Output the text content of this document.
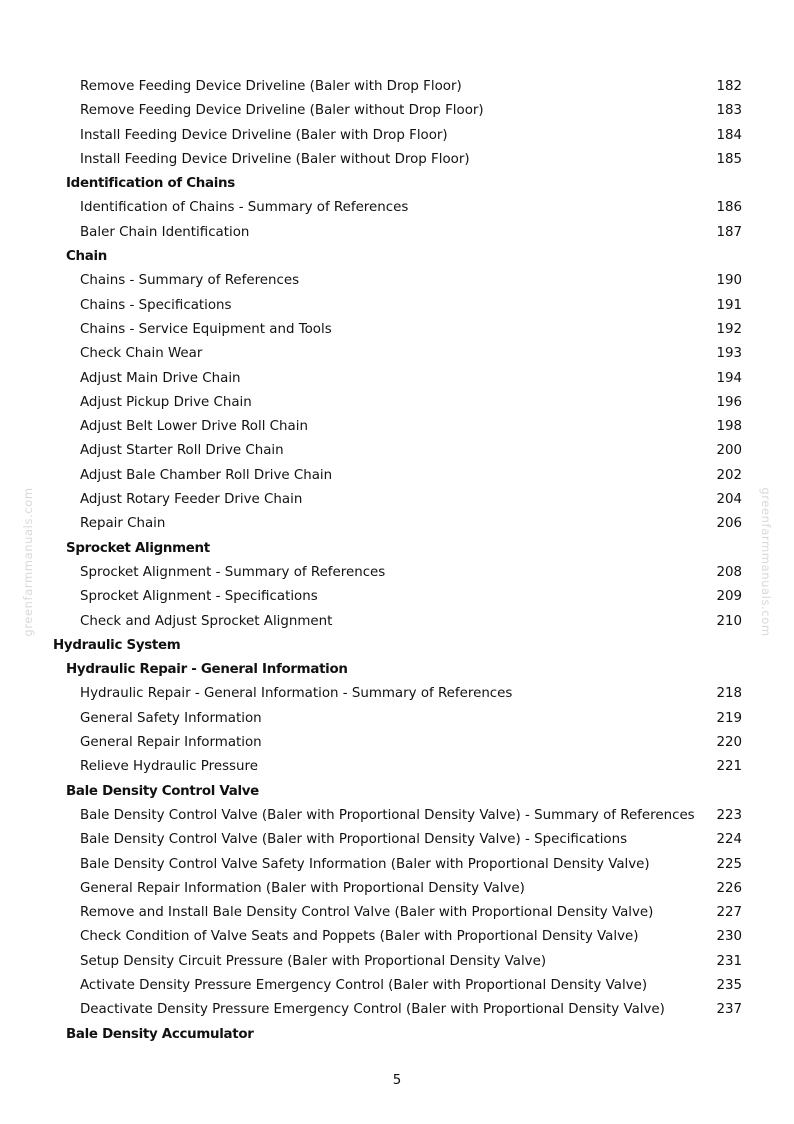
Remove Feeding Device Driveline (Baler with Drop Floor)	182
Remove Feeding Device Driveline (Baler without Drop Floor)	183
Install Feeding Device Driveline (Baler with Drop Floor)	184
Install Feeding Device Driveline (Baler without Drop Floor)	185
Identification of Chains
Identification of Chains - Summary of References	186
Baler Chain Identification	187
Chain
Chains - Summary of References	190
Chains - Specifications	191
Chains - Service Equipment and Tools	192
Check Chain Wear	193
Adjust Main Drive Chain	194
Adjust Pickup Drive Chain	196
Adjust Belt Lower Drive Roll Chain	198
Adjust Starter Roll Drive Chain	200
Adjust Bale Chamber Roll Drive Chain	202
Adjust Rotary Feeder Drive Chain	204
Repair Chain	206
Sprocket Alignment
Sprocket Alignment - Summary of References	208
Sprocket Alignment - Specifications	209
Check and Adjust Sprocket Alignment	210
Hydraulic System
Hydraulic Repair - General Information
Hydraulic Repair - General Information - Summary of References	218
General Safety Information	219
General Repair Information	220
Relieve Hydraulic Pressure	221
Bale Density Control Valve
Bale Density Control Valve (Baler with Proportional Density Valve) - Summary of References 223
Bale Density Control Valve (Baler with Proportional Density Valve) - Specifications	224
Bale Density Control Valve Safety Information (Baler with Proportional Density Valve)	225
General Repair Information (Baler with Proportional Density Valve)	226
Remove and Install Bale Density Control Valve (Baler with Proportional Density Valve)	227
Check Condition of Valve Seats and Poppets (Baler with Proportional Density Valve)	230
Setup Density Circuit Pressure (Baler with Proportional Density Valve)	231
Activate Density Pressure Emergency Control (Baler with Proportional Density Valve)	235
Deactivate Density Pressure Emergency Control (Baler with Proportional Density Valve)	237
Bale Density Accumulator
greenfarmmanuals.com	greenfarmmanuals.com
5
